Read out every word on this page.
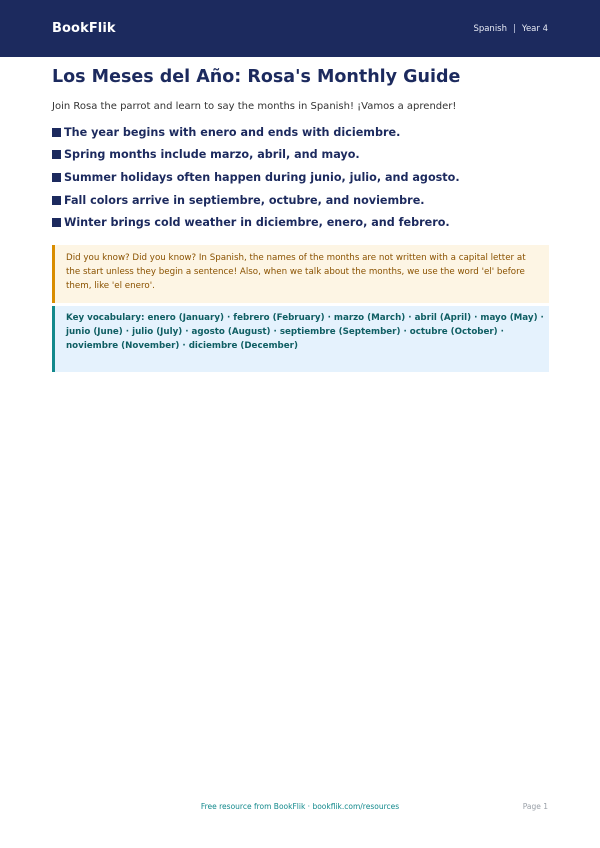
BookFlik	Spanish | Year 4
Los Meses del Año: Rosa's Monthly Guide

Join Rosa the parrot and learn to say the months in Spanish! ¡Vamos a aprender!

The year begins with enero and ends with diciembre.
Spring months include marzo, abril, and mayo.
Summer holidays often happen during junio, julio, and agosto.
Fall colors arrive in septiembre, octubre, and noviembre.
Winter brings cold weather in diciembre, enero, and febrero.
Did you know? Did you know? In Spanish, the names of the months are not written with a capital letter at the start unless they begin a sentence! Also, when we talk about the months, we use the word 'el' before them, like 'el enero'.
Key vocabulary: enero (January) · febrero (February) · marzo (March) · abril (April) · mayo (May) · junio (June) · julio (July) · agosto (August) · septiembre (September) · octubre (October) · noviembre (November) · diciembre (December)
Free resource from BookFlik · bookflik.com/resources	Page 1
